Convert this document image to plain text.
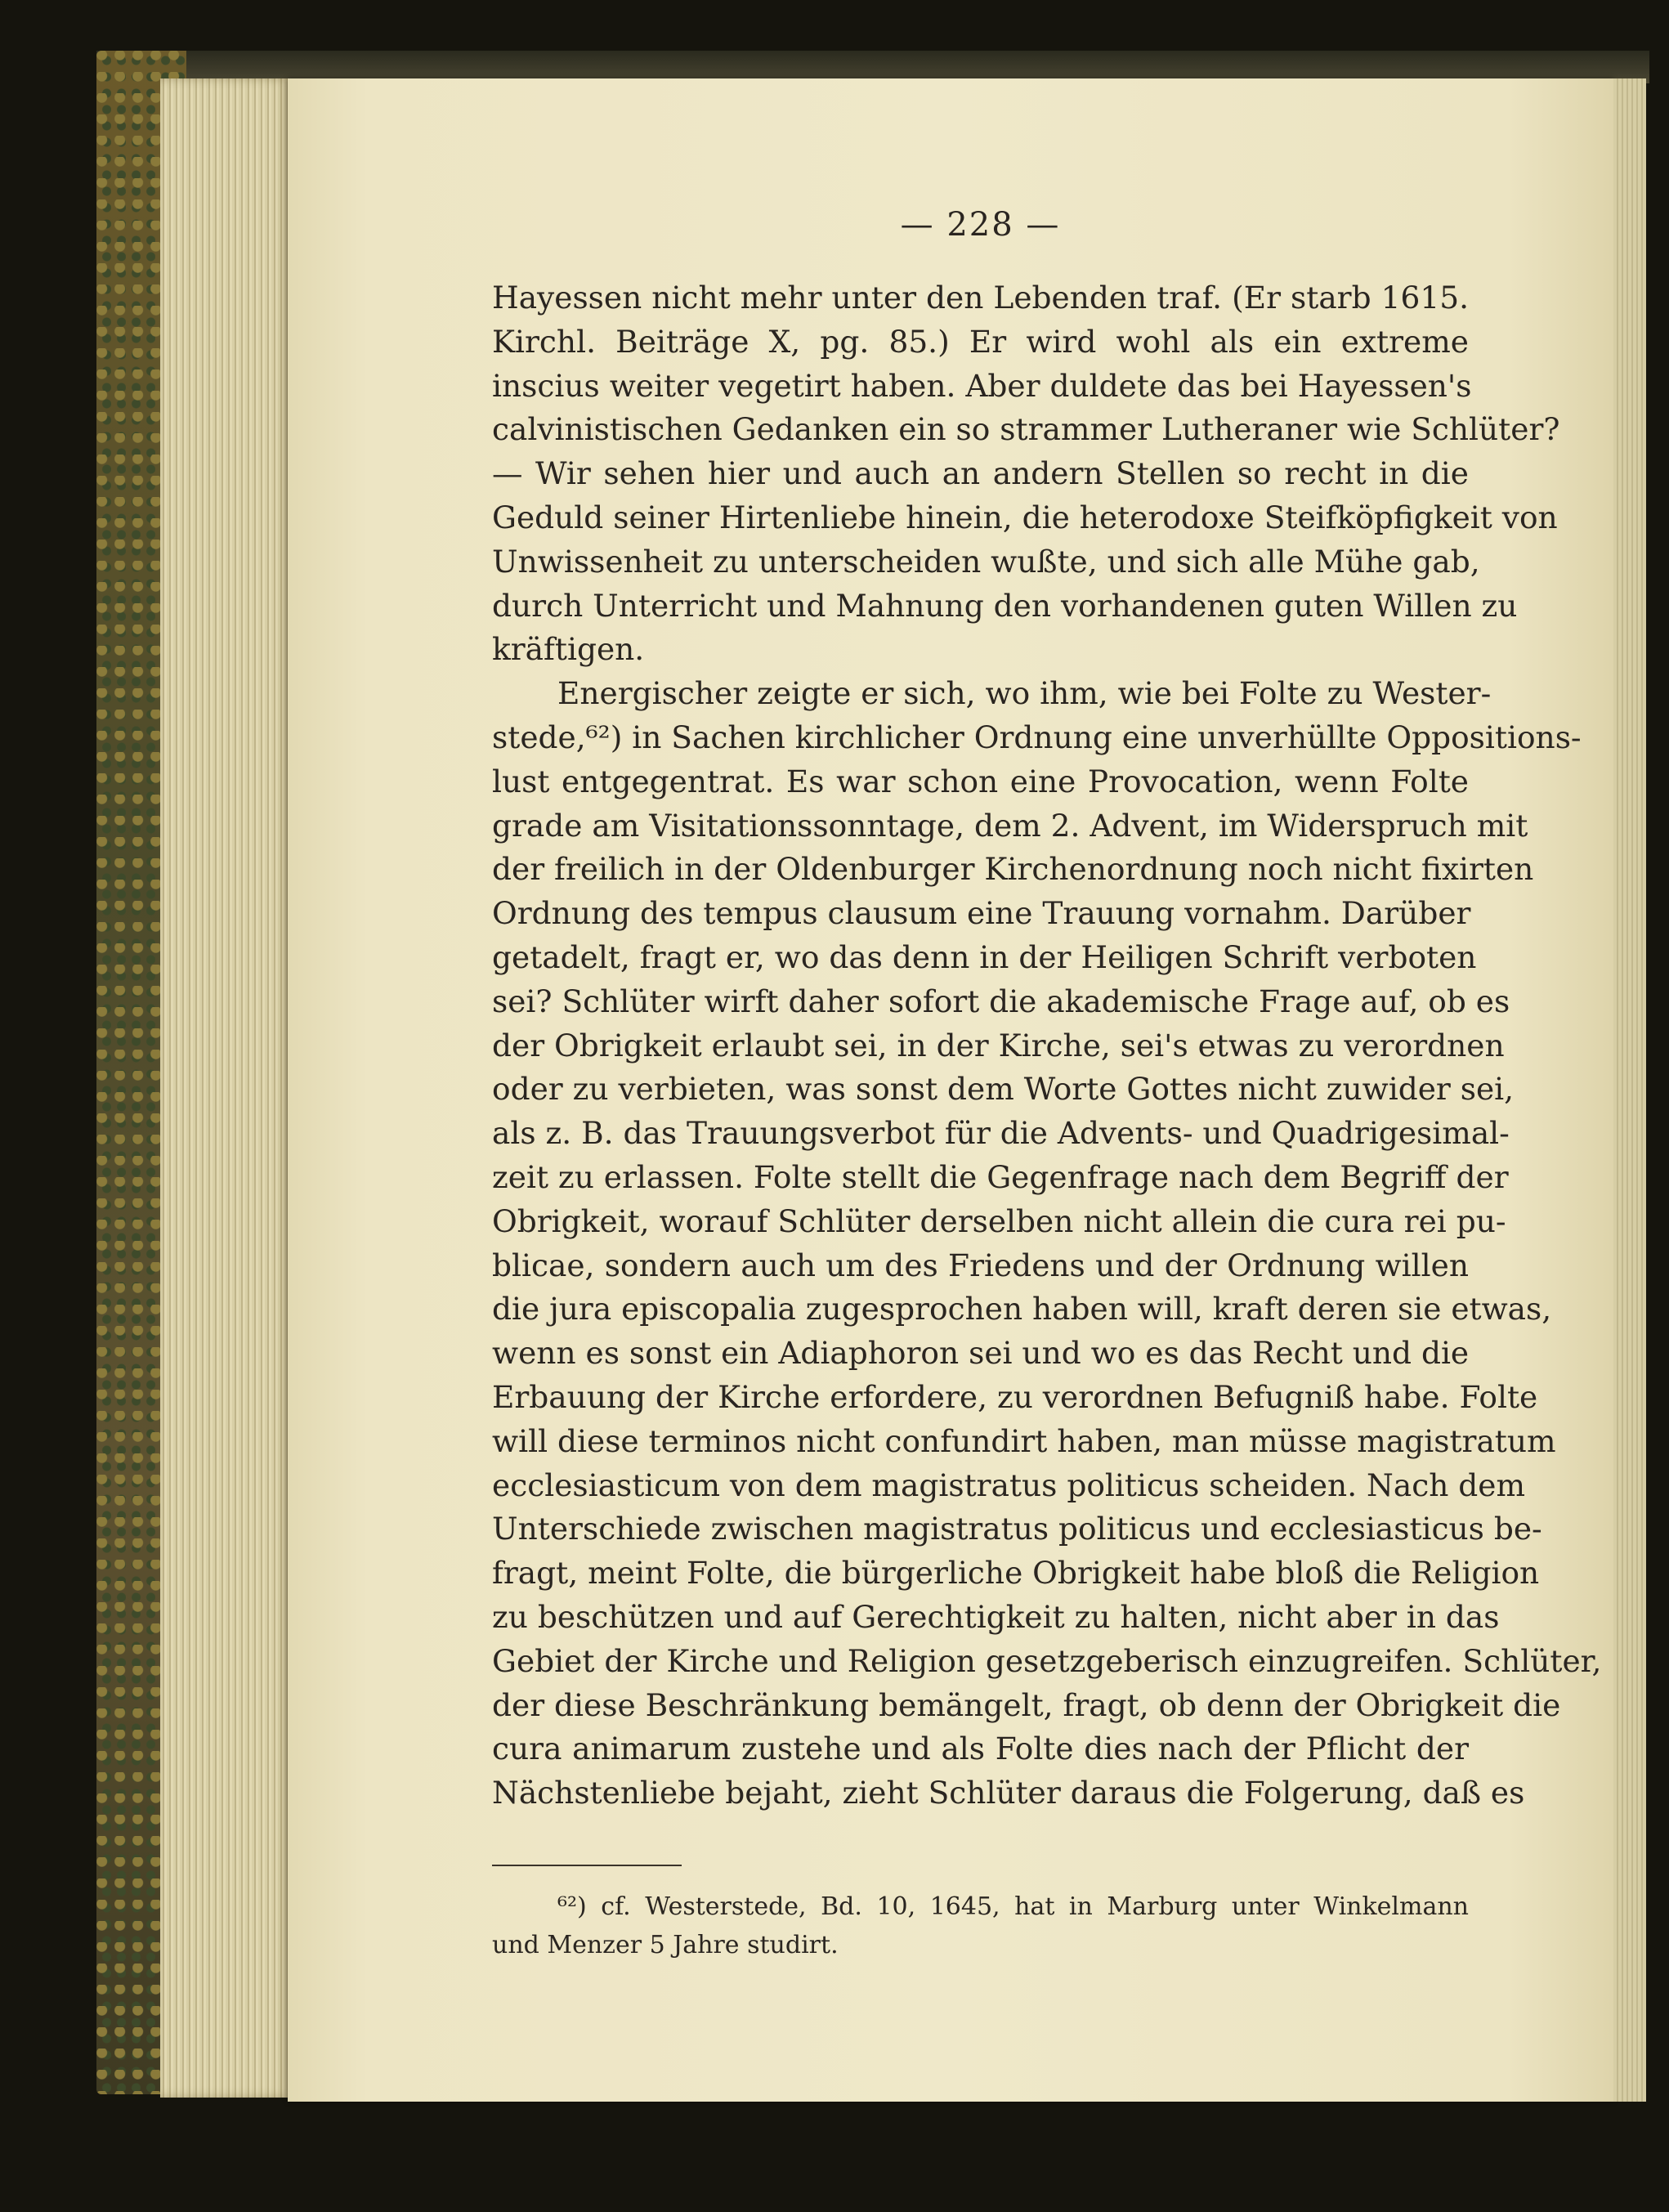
— 228 —
Hayessen nicht mehr unter den Lebenden traf. (Er starb 1615.
Kirchl. Beiträge X, pg. 85.) Er wird wohl als ein extreme
inscius weiter vegetirt haben. Aber duldete das bei Hayessen's
calvinistischen Gedanken ein so strammer Lutheraner wie Schlüter?
— Wir sehen hier und auch an andern Stellen so recht in die
Geduld seiner Hirtenliebe hinein, die heterodoxe Steifköpfigkeit von
Unwissenheit zu unterscheiden wußte, und sich alle Mühe gab,
durch Unterricht und Mahnung den vorhandenen guten Willen zu
kräftigen.
Energischer zeigte er sich, wo ihm, wie bei Folte zu Wester-
stede,⁶²) in Sachen kirchlicher Ordnung eine unverhüllte Oppositions-
lust entgegentrat. Es war schon eine Provocation, wenn Folte
grade am Visitationssonntage, dem 2. Advent, im Widerspruch mit
der freilich in der Oldenburger Kirchenordnung noch nicht fixirten
Ordnung des tempus clausum eine Trauung vornahm. Darüber
getadelt, fragt er, wo das denn in der Heiligen Schrift verboten
sei? Schlüter wirft daher sofort die akademische Frage auf, ob es
der Obrigkeit erlaubt sei, in der Kirche, sei's etwas zu verordnen
oder zu verbieten, was sonst dem Worte Gottes nicht zuwider sei,
als z. B. das Trauungsverbot für die Advents- und Quadrigesimal-
zeit zu erlassen. Folte stellt die Gegenfrage nach dem Begriff der
Obrigkeit, worauf Schlüter derselben nicht allein die cura rei pu-
blicae, sondern auch um des Friedens und der Ordnung willen
die jura episcopalia zugesprochen haben will, kraft deren sie etwas,
wenn es sonst ein Adiaphoron sei und wo es das Recht und die
Erbauung der Kirche erfordere, zu verordnen Befugniß habe. Folte
will diese terminos nicht confundirt haben, man müsse magistratum
ecclesiasticum von dem magistratus politicus scheiden. Nach dem
Unterschiede zwischen magistratus politicus und ecclesiasticus be-
fragt, meint Folte, die bürgerliche Obrigkeit habe bloß die Religion
zu beschützen und auf Gerechtigkeit zu halten, nicht aber in das
Gebiet der Kirche und Religion gesetzgeberisch einzugreifen. Schlüter,
der diese Beschränkung bemängelt, fragt, ob denn der Obrigkeit die
cura animarum zustehe und als Folte dies nach der Pflicht der
Nächstenliebe bejaht, zieht Schlüter daraus die Folgerung, daß es
⁶²) cf. Westerstede, Bd. 10, 1645, hat in Marburg unter Winkelmann
und Menzer 5 Jahre studirt.
